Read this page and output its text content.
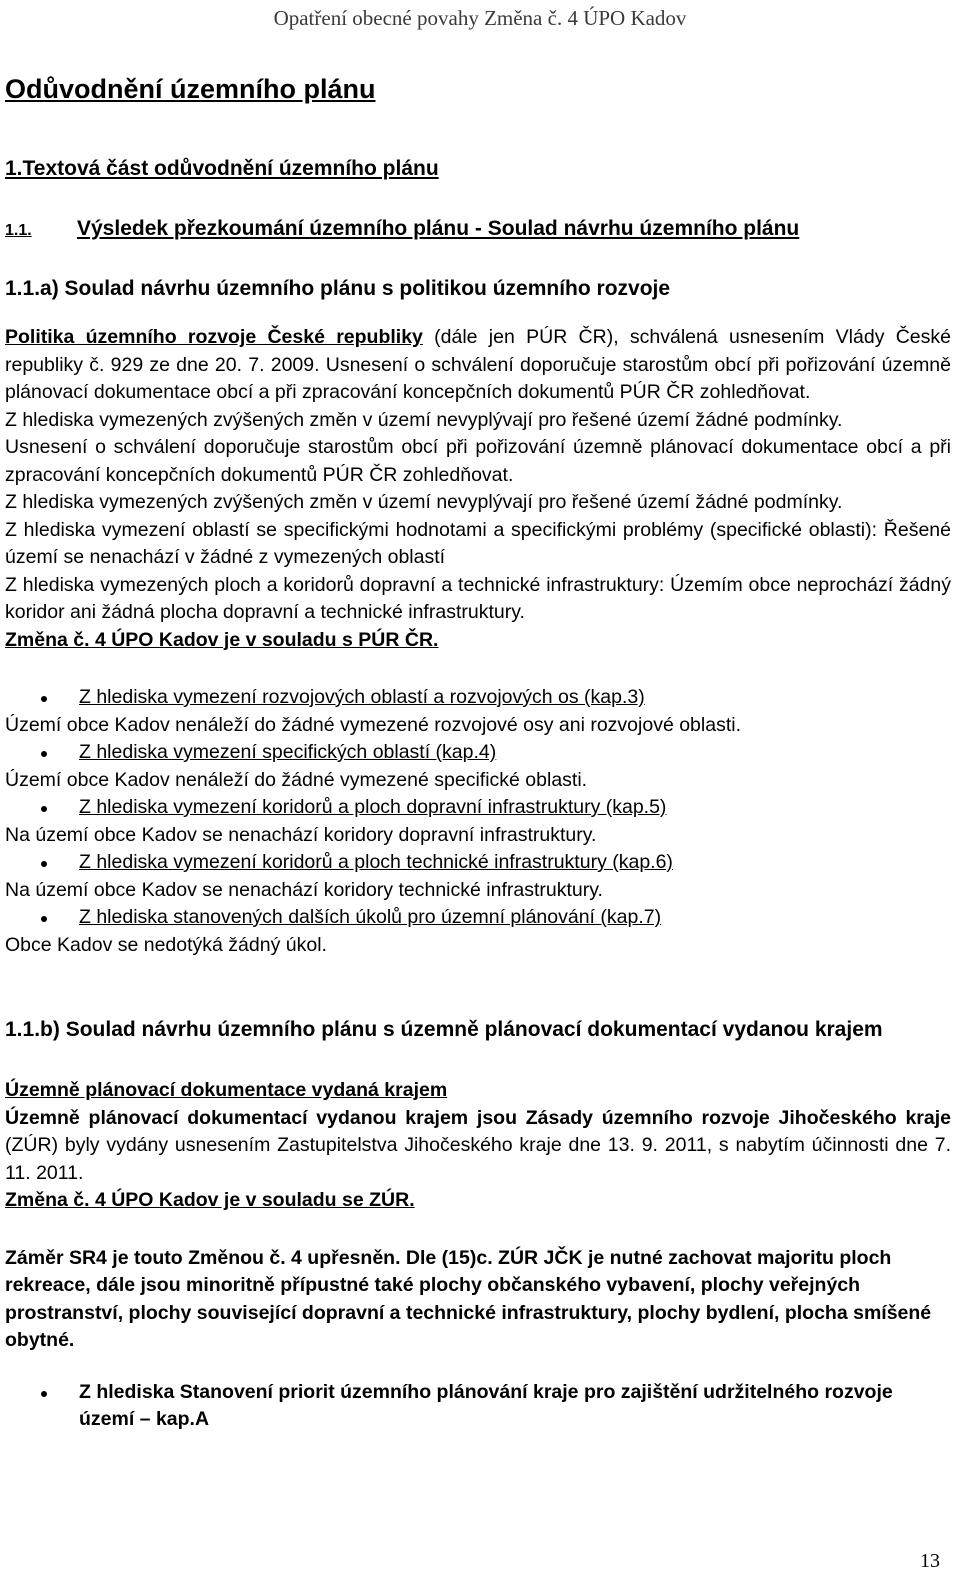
Opatření obecné povahy Změna č. 4 ÚPO Kadov
Odůvodnění územního plánu
1.Textová část odůvodnění územního plánu
1.1.	Výsledek přezkoumání územního plánu - Soulad návrhu územního plánu
1.1.a) Soulad návrhu územního plánu s politikou územního rozvoje

Politika územního rozvoje České republiky (dále jen PÚR ČR), schválená usnesením Vlády České republiky č. 929 ze dne 20. 7. 2009. Usnesení o schválení doporučuje starostům obcí při pořizování územně plánovací dokumentace obcí a při zpracování koncepčních dokumentů PÚR ČR zohledňovat.

Z hlediska vymezených zvýšených změn v území nevyplývají pro řešené území žádné podmínky.

Usnesení o schválení doporučuje starostům obcí při pořizování územně plánovací dokumentace obcí a při zpracování koncepčních dokumentů PÚR ČR zohledňovat.

Z hlediska vymezených zvýšených změn v území nevyplývají pro řešené území žádné podmínky.

Z hlediska vymezení oblastí se specifickými hodnotami a specifickými problémy (specifické oblasti): Řešené území se nenachází v žádné z vymezených oblastí

Z hlediska vymezených ploch a koridorů dopravní a technické infrastruktury: Územím obce neprochází žádný koridor ani žádná plocha dopravní a technické infrastruktury.

Změna č. 4 ÚPO Kadov je v souladu s PÚR ČR.

Z hlediska vymezení rozvojových oblastí a rozvojových os (kap.3)

Území obce Kadov nenáleží do žádné vymezené rozvojové osy ani rozvojové oblasti.

Z hlediska vymezení specifických oblastí (kap.4)

Území obce Kadov nenáleží do žádné vymezené specifické oblasti.

Z hlediska vymezení koridorů a ploch dopravní infrastruktury (kap.5)

Na území obce Kadov se nenachází koridory dopravní infrastruktury.

Z hlediska vymezení koridorů a ploch technické infrastruktury (kap.6)

Na území obce Kadov se nenachází koridory technické infrastruktury.

Z hlediska stanovených dalších úkolů pro územní plánování (kap.7)

Obce Kadov se nedotýká žádný úkol.

1.1.b) Soulad návrhu územního plánu s územně plánovací dokumentací vydanou krajem

Územně plánovací dokumentace vydaná krajem

Územně plánovací dokumentací vydanou krajem jsou Zásady územního rozvoje Jihočeského kraje (ZÚR) byly vydány usnesením Zastupitelstva Jihočeského kraje dne 13. 9. 2011, s nabytím účinnosti dne 7. 11. 2011.

Změna č. 4 ÚPO Kadov je v souladu se ZÚR.

Záměr SR4 je touto Změnou č. 4 upřesněn. Dle (15)c. ZÚR JČK je nutné zachovat majoritu ploch rekreace, dále jsou minoritně přípustné také plochy občanského vybavení, plochy veřejných prostranství, plochy související dopravní a technické infrastruktury, plochy bydlení, plocha smíšené obytné.

Z hlediska Stanovení priorit územního plánování kraje pro zajištění udržitelného rozvoje území – kap.A
13
